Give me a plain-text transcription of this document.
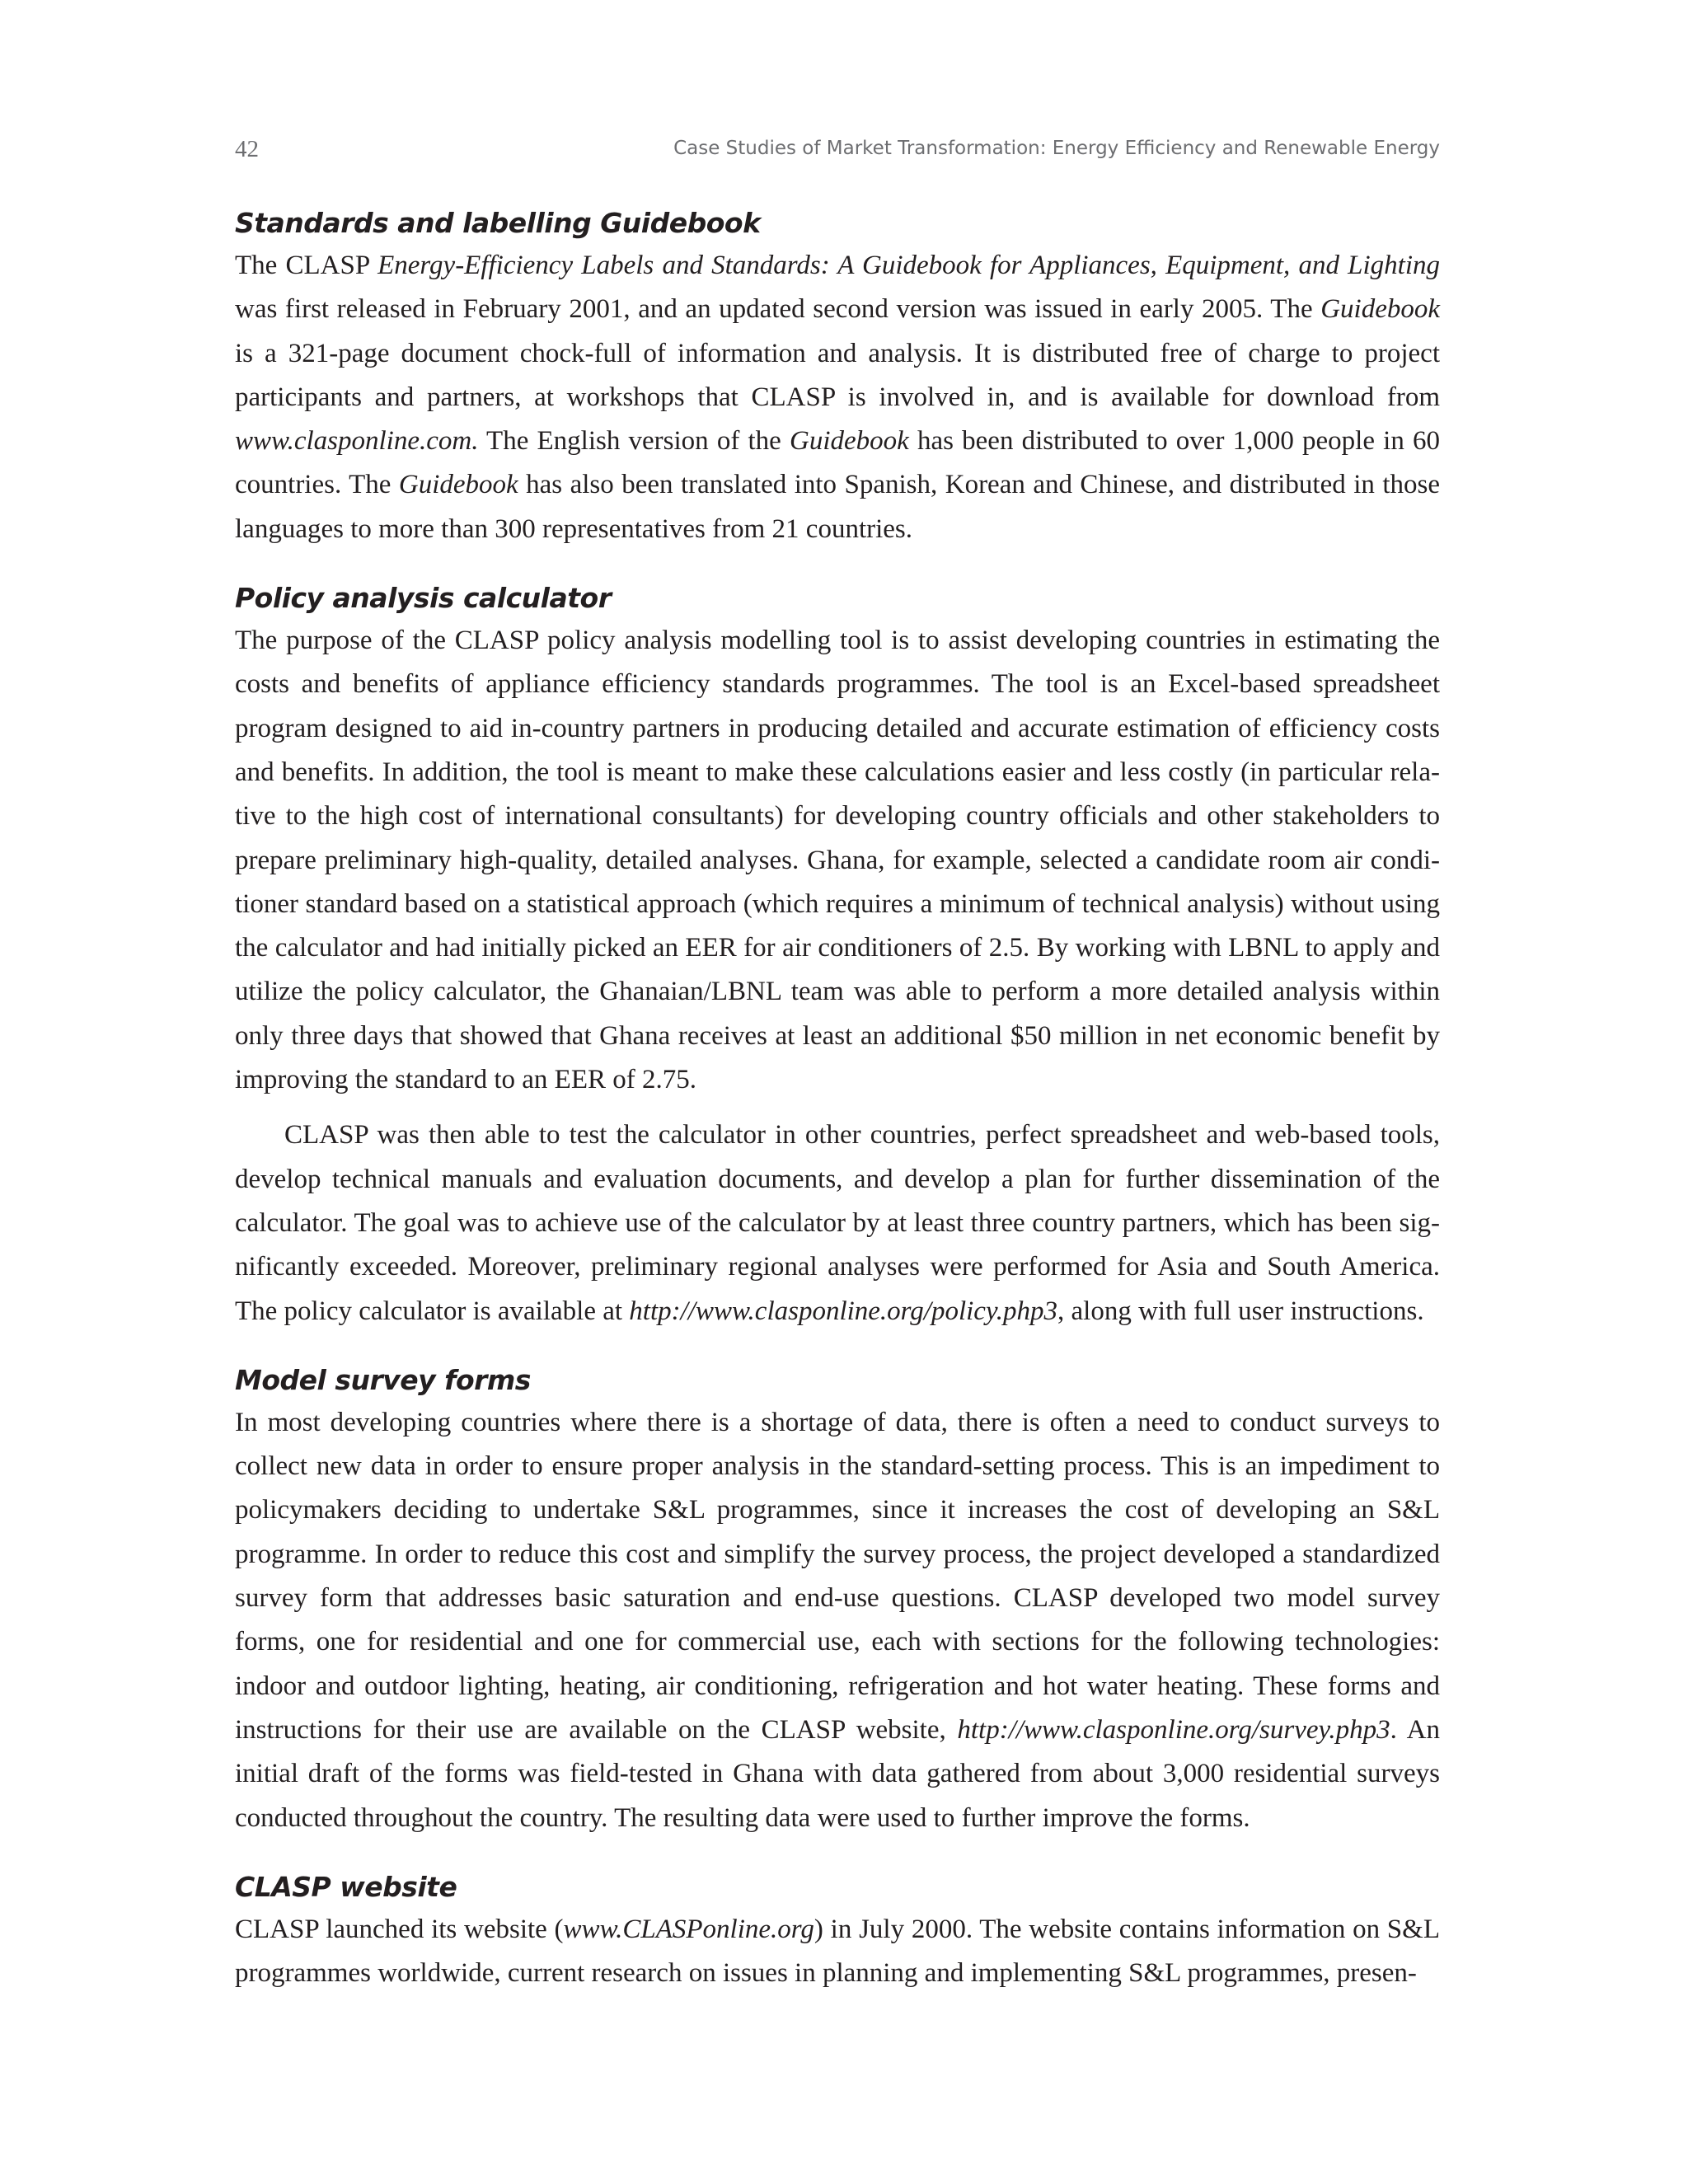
42	Case Studies of Market Transformation: Energy Efficiency and Renewable Energy
Standards and labelling Guidebook

The CLASP Energy-Efficiency Labels and Standards: A Guidebook for Appliances, Equipment, and Lighting was first released in February 2001, and an updated second version was issued in early 2005. The Guidebook is a 321-page document chock-full of information and analysis. It is distributed free of charge to project participants and partners, at workshops that CLASP is involved in, and is available for download from www.clasponline.com. The English version of the Guidebook has been distributed to over 1,000 people in 60 countries. The Guidebook has also been translated into Spanish, Korean and Chinese, and distributed in those languages to more than 300 representatives from 21 countries.

Policy analysis calculator

The purpose of the CLASP policy analysis modelling tool is to assist developing countries in estimating the costs and benefits of appliance efficiency standards programmes. The tool is an Excel-based spreadsheet program designed to aid in-country partners in producing detailed and accurate estimation of efficiency costs and benefits. In addition, the tool is meant to make these calculations easier and less costly (in particular relative to the high cost of international consultants) for developing country officials and other stakeholders to prepare preliminary high-quality, detailed analyses. Ghana, for example, selected a candidate room air conditioner standard based on a statistical approach (which requires a minimum of technical analysis) without using the calculator and had initially picked an EER for air conditioners of 2.5. By working with LBNL to apply and utilize the policy calculator, the Ghanaian/LBNL team was able to perform a more detailed analysis within only three days that showed that Ghana receives at least an additional $50 million in net economic benefit by improving the standard to an EER of 2.75.

CLASP was then able to test the calculator in other countries, perfect spreadsheet and web-based tools, develop technical manuals and evaluation documents, and develop a plan for further dissemination of the calculator. The goal was to achieve use of the calculator by at least three country partners, which has been significantly exceeded. Moreover, preliminary regional analyses were performed for Asia and South America. The policy calculator is available at http://www.clasponline.org/policy.php3, along with full user instructions.

Model survey forms

In most developing countries where there is a shortage of data, there is often a need to conduct surveys to collect new data in order to ensure proper analysis in the standard-setting process. This is an impediment to policymakers deciding to undertake S&L programmes, since it increases the cost of developing an S&L programme. In order to reduce this cost and simplify the survey process, the project developed a standardized survey form that addresses basic saturation and end-use questions. CLASP developed two model survey forms, one for residential and one for commercial use, each with sections for the following technologies: indoor and outdoor lighting, heating, air conditioning, refrigeration and hot water heating. These forms and instructions for their use are available on the CLASP website, http://www.clasponline.org/survey.php3. An initial draft of the forms was field-tested in Ghana with data gathered from about 3,000 residential surveys conducted throughout the country. The resulting data were used to further improve the forms.

CLASP website

CLASP launched its website (www.CLASPonline.org) in July 2000. The website contains information on S&L programmes worldwide, current research on issues in planning and implementing S&L programmes, presen-
